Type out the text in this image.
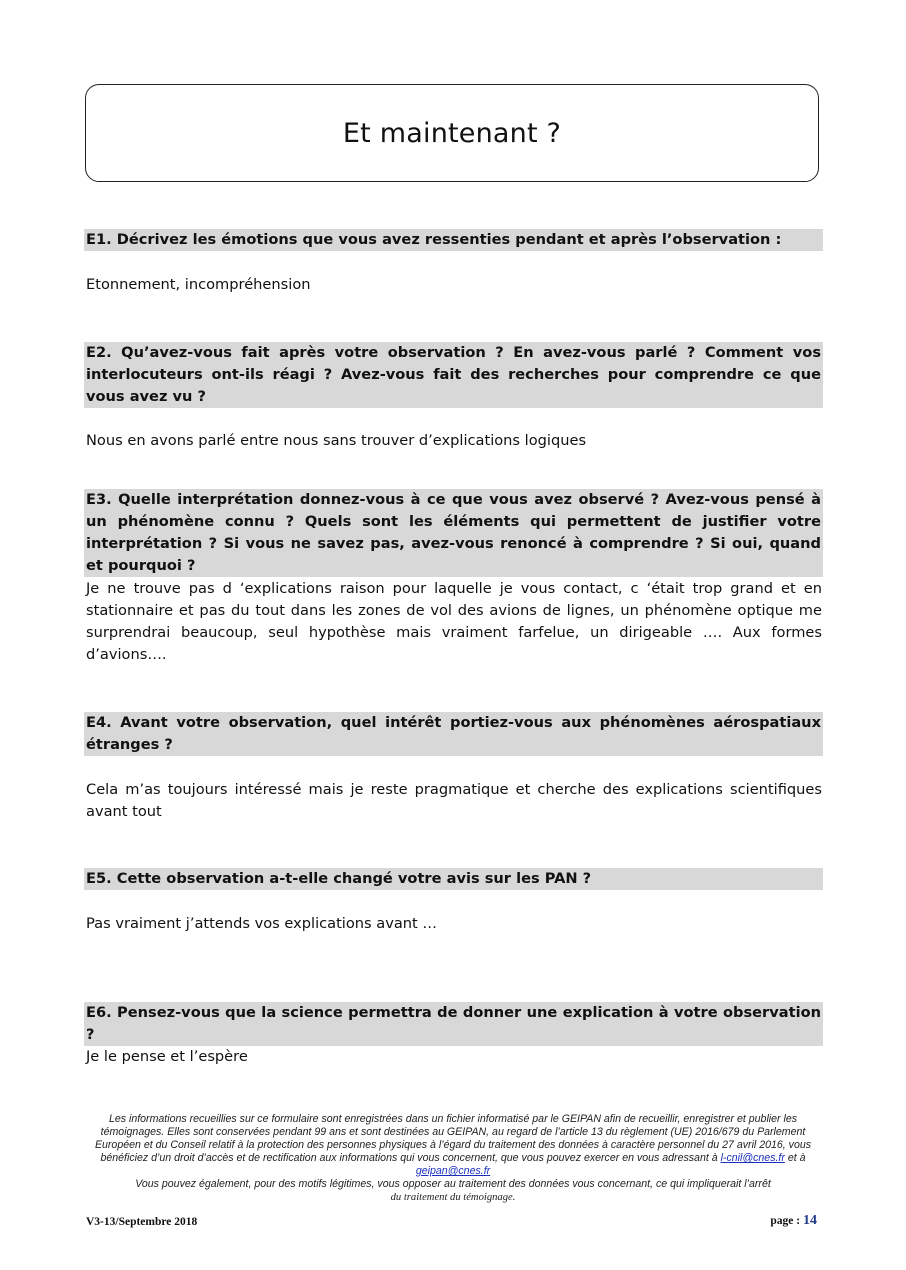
Et maintenant ?
E1. Décrivez les émotions que vous avez ressenties pendant et après l’observation :
Etonnement, incompréhension
E2. Qu’avez-vous fait après votre observation ? En avez-vous parlé ? Comment vos interlocuteurs ont-ils réagi ? Avez-vous fait des recherches pour comprendre ce que vous avez vu ?
Nous en avons parlé entre nous sans trouver d’explications logiques
E3. Quelle interprétation donnez-vous à ce que vous avez observé ? Avez-vous pensé à un phénomène connu ? Quels sont les éléments qui permettent de justifier votre interprétation ? Si vous ne savez pas, avez-vous renoncé à comprendre ? Si oui, quand et pourquoi ?
Je ne trouve pas d ‘explications raison pour laquelle je vous contact, c ‘était trop grand et en stationnaire et pas du tout dans les zones de vol des avions de lignes, un phénomène optique me surprendrai beaucoup, seul hypothèse mais vraiment farfelue, un dirigeable …. Aux formes d’avions….
E4. Avant votre observation, quel intérêt portiez-vous aux phénomènes aérospatiaux étranges ?
Cela m’as toujours intéressé mais je reste pragmatique et cherche des explications scientifiques avant tout
E5. Cette observation a-t-elle changé votre avis sur les PAN ?
Pas vraiment j’attends vos explications avant …
E6. Pensez-vous que la science permettra de donner une explication à votre observation ?
Je le pense et l’espère
Les informations recueillies sur ce formulaire sont enregistrées dans un fichier informatisé par le GEIPAN afin de recueillir, enregistrer et publier les témoignages. Elles sont conservées pendant 99 ans et sont destinées au GEIPAN, au regard de l’article 13 du règlement (UE) 2016/679 du Parlement Européen et du Conseil relatif à la protection des personnes physiques à l’égard du traitement des données à caractère personnel du 27 avril 2016, vous bénéficiez d’un droit d’accès et de rectification aux informations qui vous concernent, que vous pouvez exercer en vous adressant à l-cnil@cnes.fr et à geipan@cnes.fr
Vous pouvez également, pour des motifs légitimes, vous opposer au traitement des données vous concernant, ce qui impliquerait l’arrêt
du traitement du témoignage.
V3-13/Septembre 2018	page : 14
